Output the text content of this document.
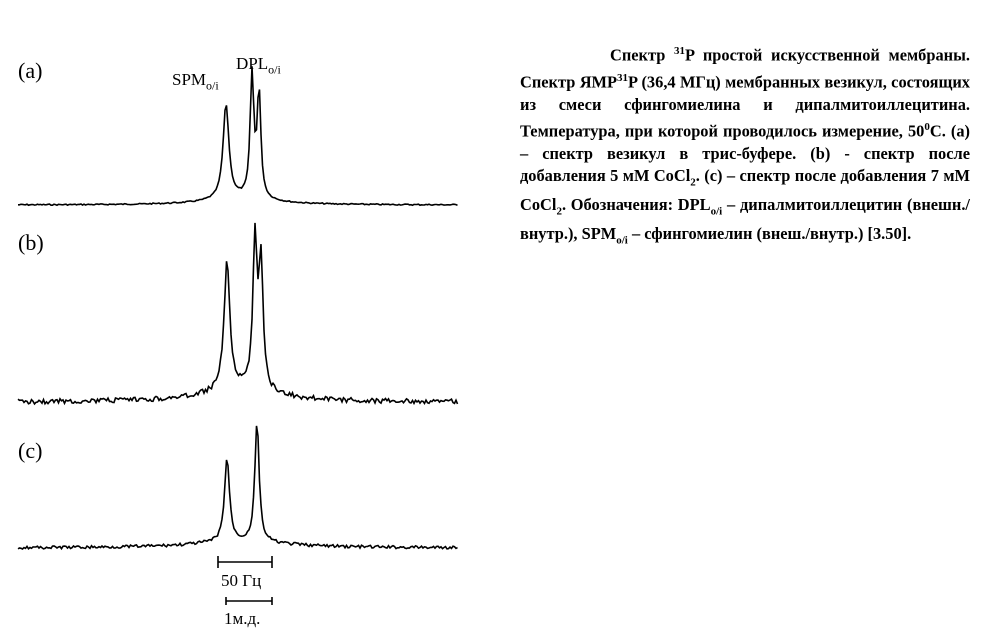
(a)
(b)
(c)
$SPM_{o/i}$
$DPL_{o/i}$
50 Гц
1м.д.

Спектр $^{31}$P простой искусственной мембраны. Спектр ЯМР$^{31}$P (36,4 МГц) мембранных везикул, состоящих из смеси сфингомиелина и дипалмитоиллецитина. Температура, при которой проводилось измерение, $50^0C$. (a) – спектр везикул в трис-буфере. (b) - спектр после добавления 5 мМ CoCl$_2$. (c) – спектр после добавления 7 мМ CoCl$_2$. Обозначения: $DPL_{o/i}$ – дипалмитоиллецитин (внешн./внутр.), $SPM_{o/i}$ – сфингомиелин (внеш./внутр.) [3.50].
